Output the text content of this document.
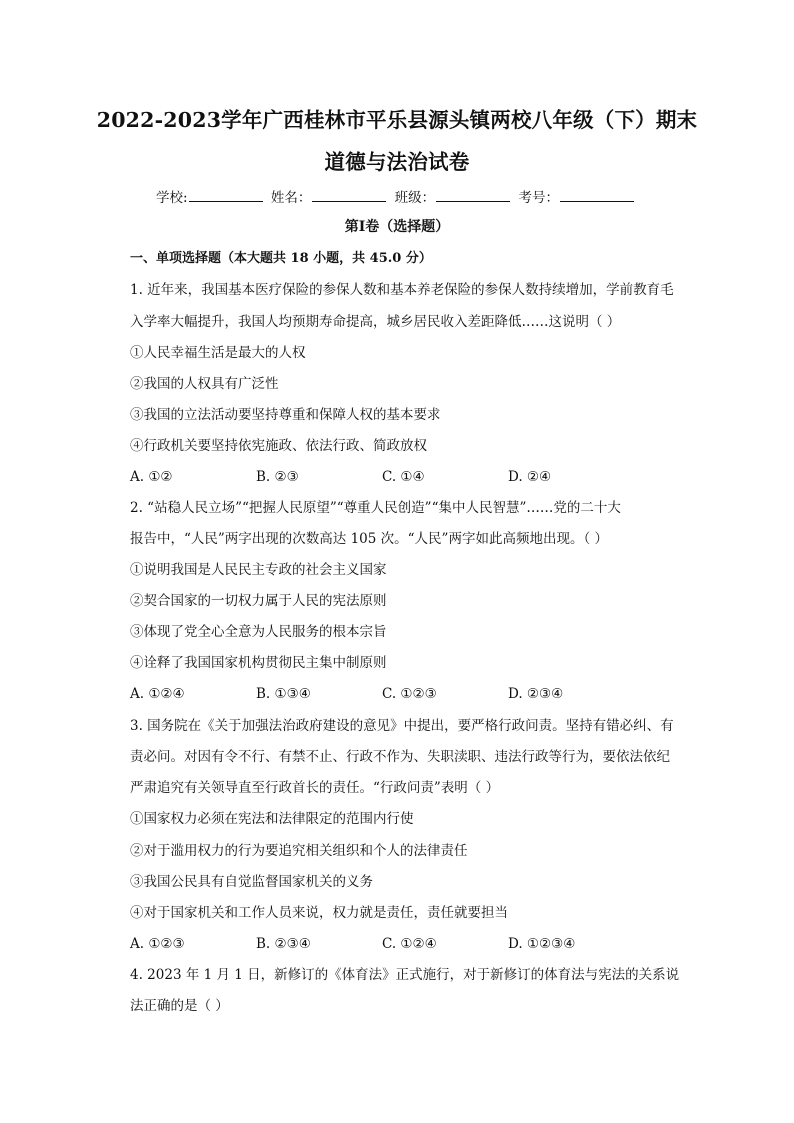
2022-2023学年广西桂林市平乐县源头镇两校八年级（下）期末
道德与法治试卷
学校:	姓名：	班级：	考号：
第Ⅰ卷（选择题）
一、单项选择题（本大题共 18 小题，共 45.0 分）
1. 近年来，我国基本医疗保险的参保人数和基本养老保险的参保人数持续增加，学前教育毛
入学率大幅提升，我国人均预期寿命提高，城乡居民收入差距降低……这说明（ ）
①人民幸福生活是最大的人权
②我国的人权具有广泛性
③我国的立法活动要坚持尊重和保障人权的基本要求
④行政机关要坚持依宪施政、依法行政、简政放权
A. ①②	B. ②③	C. ①④	D. ②④
2. “站稳人民立场”“把握人民原望”“尊重人民创造”“集中人民智慧”……党的二十大
报告中，“人民”两字出现的次数高达 105 次。“人民”两字如此高频地出现。（ ）
①说明我国是人民民主专政的社会主义国家
②契合国家的一切权力属于人民的宪法原则
③体现了党全心全意为人民服务的根本宗旨
④诠释了我国国家机构贯彻民主集中制原则
A. ①②④	B. ①③④	C. ①②③	D. ②③④
3. 国务院在《关于加强法治政府建设的意见》中提出，要严格行政问责。坚持有错必纠、有
责必问。对因有令不行、有禁不止、行政不作为、失职渎职、违法行政等行为，要依法依纪
严肃追究有关领导直至行政首长的责任。“行政问责”表明（ ）
①国家权力必须在宪法和法律限定的范围内行使
②对于滥用权力的行为要追究相关组织和个人的法律责任
③我国公民具有自觉监督国家机关的义务
④对于国家机关和工作人员来说，权力就是责任，责任就要担当
A. ①②③	B. ②③④	C. ①②④	D. ①②③④
4. 2023 年 1 月 1 日，新修订的《体育法》正式施行，对于新修订的体育法与宪法的关系说
法正确的是（ ）
